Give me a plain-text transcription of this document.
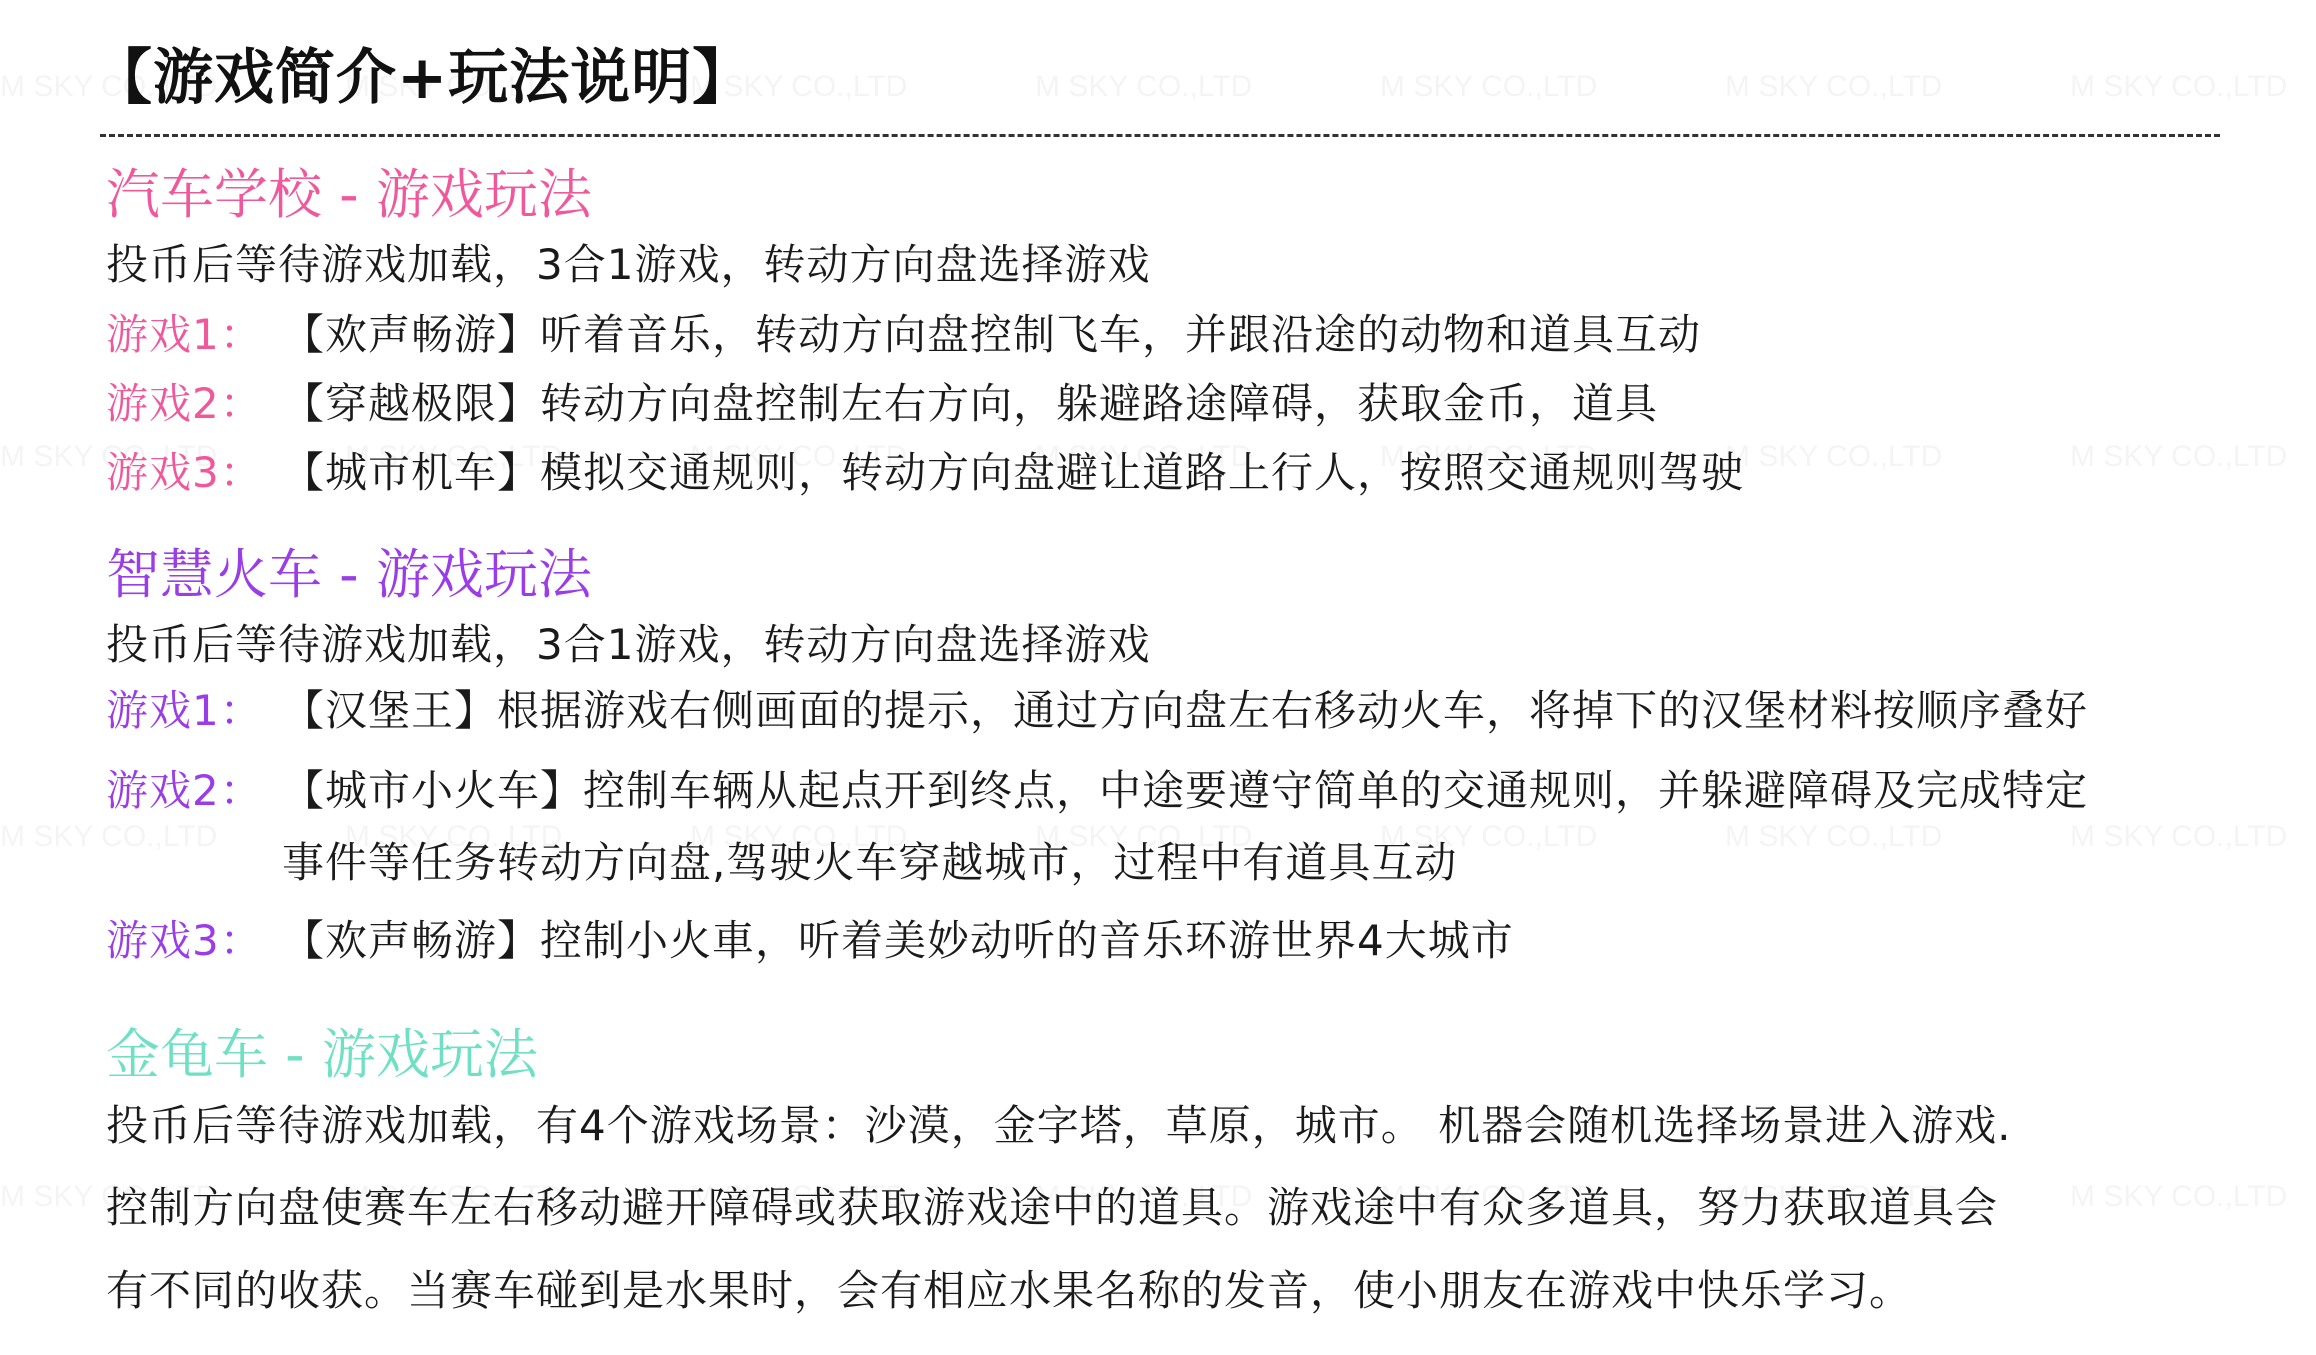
【游戏简介+玩法说明】
汽车学校 - 游戏玩法
投币后等待游戏加载，3合1游戏，转动方向盘选择游戏
游戏1： 【欢声畅游】听着音乐，转动方向盘控制飞车，并跟沿途的动物和道具互动
游戏2： 【穿越极限】转动方向盘控制左右方向，躲避路途障碍，获取金币，道具
游戏3： 【城市机车】模拟交通规则，转动方向盘避让道路上行人，按照交通规则驾驶
智慧火车 - 游戏玩法
投币后等待游戏加载，3合1游戏，转动方向盘选择游戏
游戏1： 【汉堡王】根据游戏右侧画面的提示，通过方向盘左右移动火车，将掉下的汉堡材料按顺序叠好
游戏2： 【城市小火车】控制车辆从起点开到终点，中途要遵守简单的交通规则，并躲避障碍及完成特定
事件等任务转动方向盘,驾驶火车穿越城市，过程中有道具互动
游戏3： 【欢声畅游】控制小火車，听着美妙动听的音乐环游世界4大城市
金龟车 - 游戏玩法
投币后等待游戏加载，有4个游戏场景：沙漠，金字塔，草原，城市。 机器会随机选择场景进入游戏.
控制方向盘使赛车左右移动避开障碍或获取游戏途中的道具。游戏途中有众多道具，努力获取道具会
有不同的收获。当赛车碰到是水果时，会有相应水果名称的发音，使小朋友在游戏中快乐学习。
